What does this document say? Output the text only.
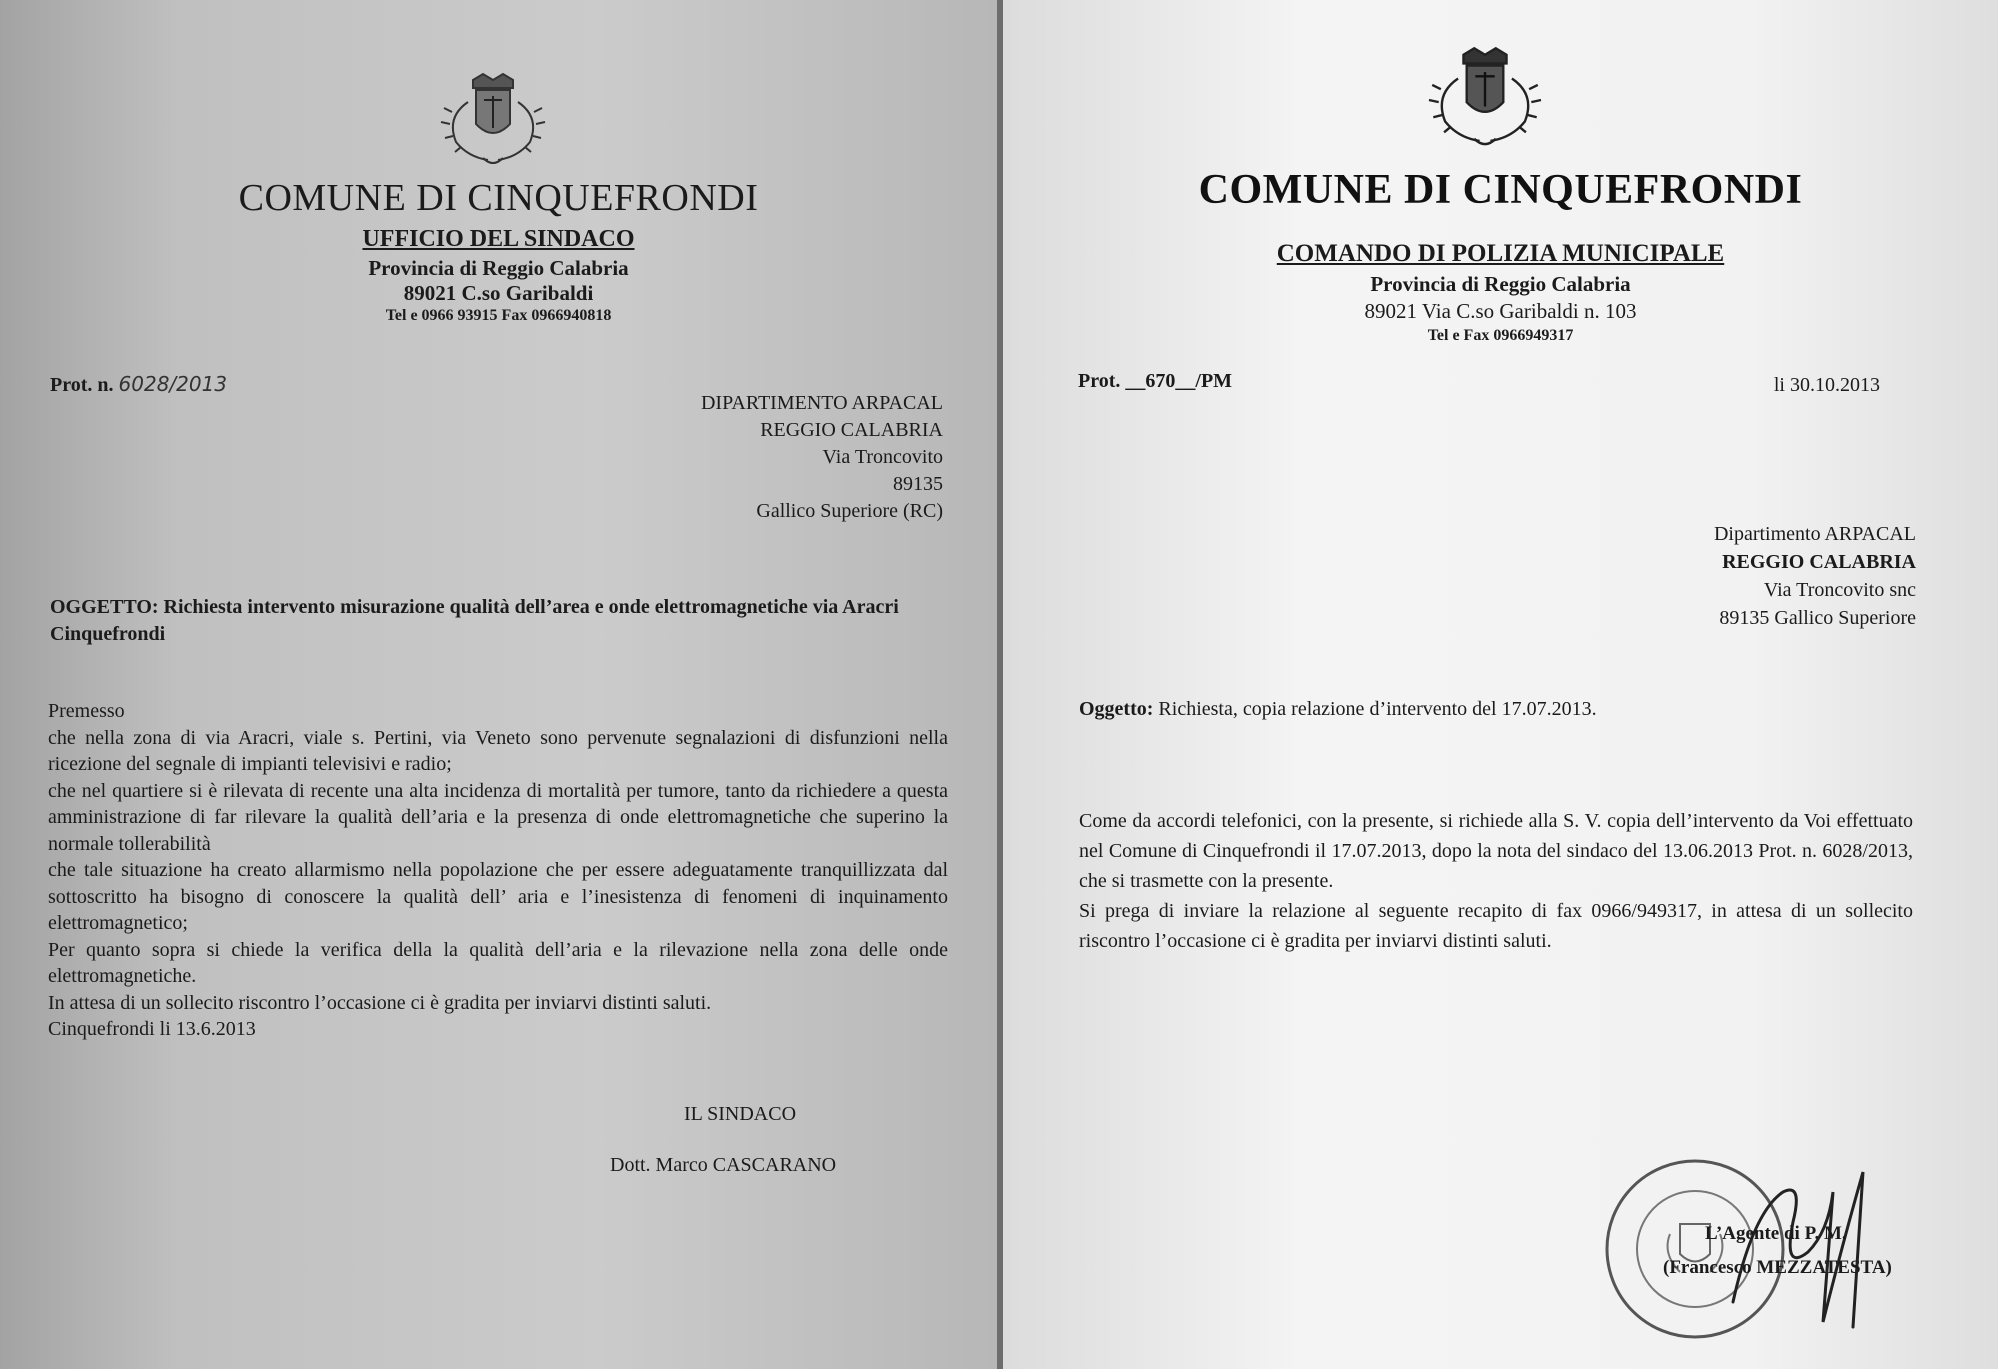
COMUNE DI CINQUEFRONDI
UFFICIO DEL SINDACO
Provincia di Reggio Calabria
89021 C.so Garibaldi
Tel e 0966 93915 Fax 0966940818
Prot. n. 6028/2013
DIPARTIMENTO ARPACAL
REGGIO CALABRIA
Via Troncovito
89135
Gallico Superiore (RC)
OGGETTO: Richiesta intervento misurazione qualità dell’area e onde elettromagnetiche via Aracri Cinquefrondi

Premesso

che nella zona di via Aracri, viale s. Pertini, via Veneto sono pervenute segnalazioni di disfunzioni nella ricezione del segnale di impianti televisivi e radio;

che nel quartiere si è rilevata di recente una alta incidenza di mortalità per tumore, tanto da richiedere a questa amministrazione di far rilevare la qualità dell’aria e la presenza di onde elettromagnetiche che superino la normale tollerabilità

che tale situazione ha creato allarmismo nella popolazione che per essere adeguatamente tranquillizzata dal sottoscritto ha bisogno di conoscere la qualità dell’ aria e l’inesistenza di fenomeni di inquinamento elettromagnetico;

Per quanto sopra si chiede la verifica della la qualità dell’aria e la rilevazione nella zona delle onde elettromagnetiche.

In attesa di un sollecito riscontro l’occasione ci è gradita per inviarvi distinti saluti.

Cinquefrondi li 13.6.2013

IL SINDACO
Dott. Marco CASCARANO
COMUNE DI CINQUEFRONDI
COMANDO DI POLIZIA MUNICIPALE
Provincia di Reggio Calabria
89021 Via C.so Garibaldi n. 103
Tel e Fax 0966949317
Prot. __670__/PM	li 30.10.2013
Dipartimento ARPACAL
REGGIO CALABRIA
Via Troncovito snc
89135 Gallico Superiore
Oggetto: Richiesta, copia relazione d’intervento del 17.07.2013.

Come da accordi telefonici, con la presente, si richiede alla S. V. copia dell’intervento da Voi effettuato nel Comune di Cinquefrondi il 17.07.2013, dopo la nota del sindaco del 13.06.2013 Prot. n. 6028/2013, che si trasmette con la presente.

Si prega di inviare la relazione al seguente recapito di fax 0966/949317, in attesa di un sollecito riscontro l’occasione ci è gradita per inviarvi distinti saluti.

L’Agente di P. M.
(Francesco MEZZATESTA)
